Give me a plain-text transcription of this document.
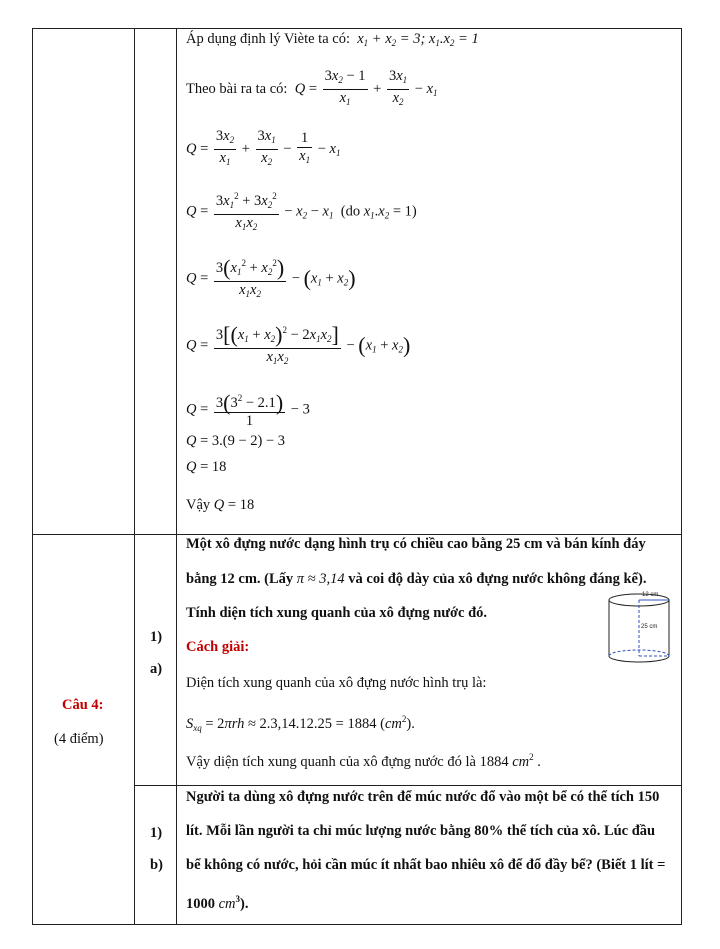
Áp dụng định lý Viète ta có: $x_1 + x_2 = 3$; $x_1.x_2 = 1$
Theo bài ra ta có: $Q = \frac{3x_2 - 1}{x_1} + \frac{3x_1}{x_2} - x_1$
$Q = \frac{3x_2}{x_1} + \frac{3x_1}{x_2} - \frac{1}{x_1} - x_1$
$Q = \frac{3x_1^2 + 3x_2^2}{x_1x_2} - x_2 - x_1$  (do $x_1.x_2 = 1$)
$Q = \frac{3(x_1^2 + x_2^2)}{x_1x_2} - (x_1 + x_2)$
$Q = \frac{3[(x_1 + x_2)^2 - 2x_1x_2]}{x_1x_2} - (x_1 + x_2)$
$Q = \frac{3(3^2 - 2.1)}{1} - 3$
Q = 3.(9 − 2) − 3
Q = 18
Vậy Q = 18
Câu 4:
(4 điểm)
1)
a)
Một xô đựng nước dạng hình trụ có chiều cao bằng 25 cm và bán kính đáy
bằng 12 cm. (Lấy π ≈ 3,14 và coi độ dày của xô đựng nước không đáng kể).
Tính diện tích xung quanh của xô đựng nước đó.
Cách giải:
Diện tích xung quanh của xô đựng nước hình trụ là:
$S_{xq} = 2\pi rh \approx 2.3,14.12.25 = 1884$ $(cm^2)$.
Vậy diện tích xung quanh của xô đựng nước đó là 1884 $cm^2$ .
12 cm
25 cm
1)
b)
Người ta dùng xô đựng nước trên để múc nước đổ vào một bể có thể tích 150
lít. Mỗi lần người ta chỉ múc lượng nước bằng 80% thể tích của xô. Lúc đầu
bể không có nước, hỏi cần múc ít nhất bao nhiêu xô để đổ đầy bể? (Biết 1 lít =
1000 $cm^3$).
